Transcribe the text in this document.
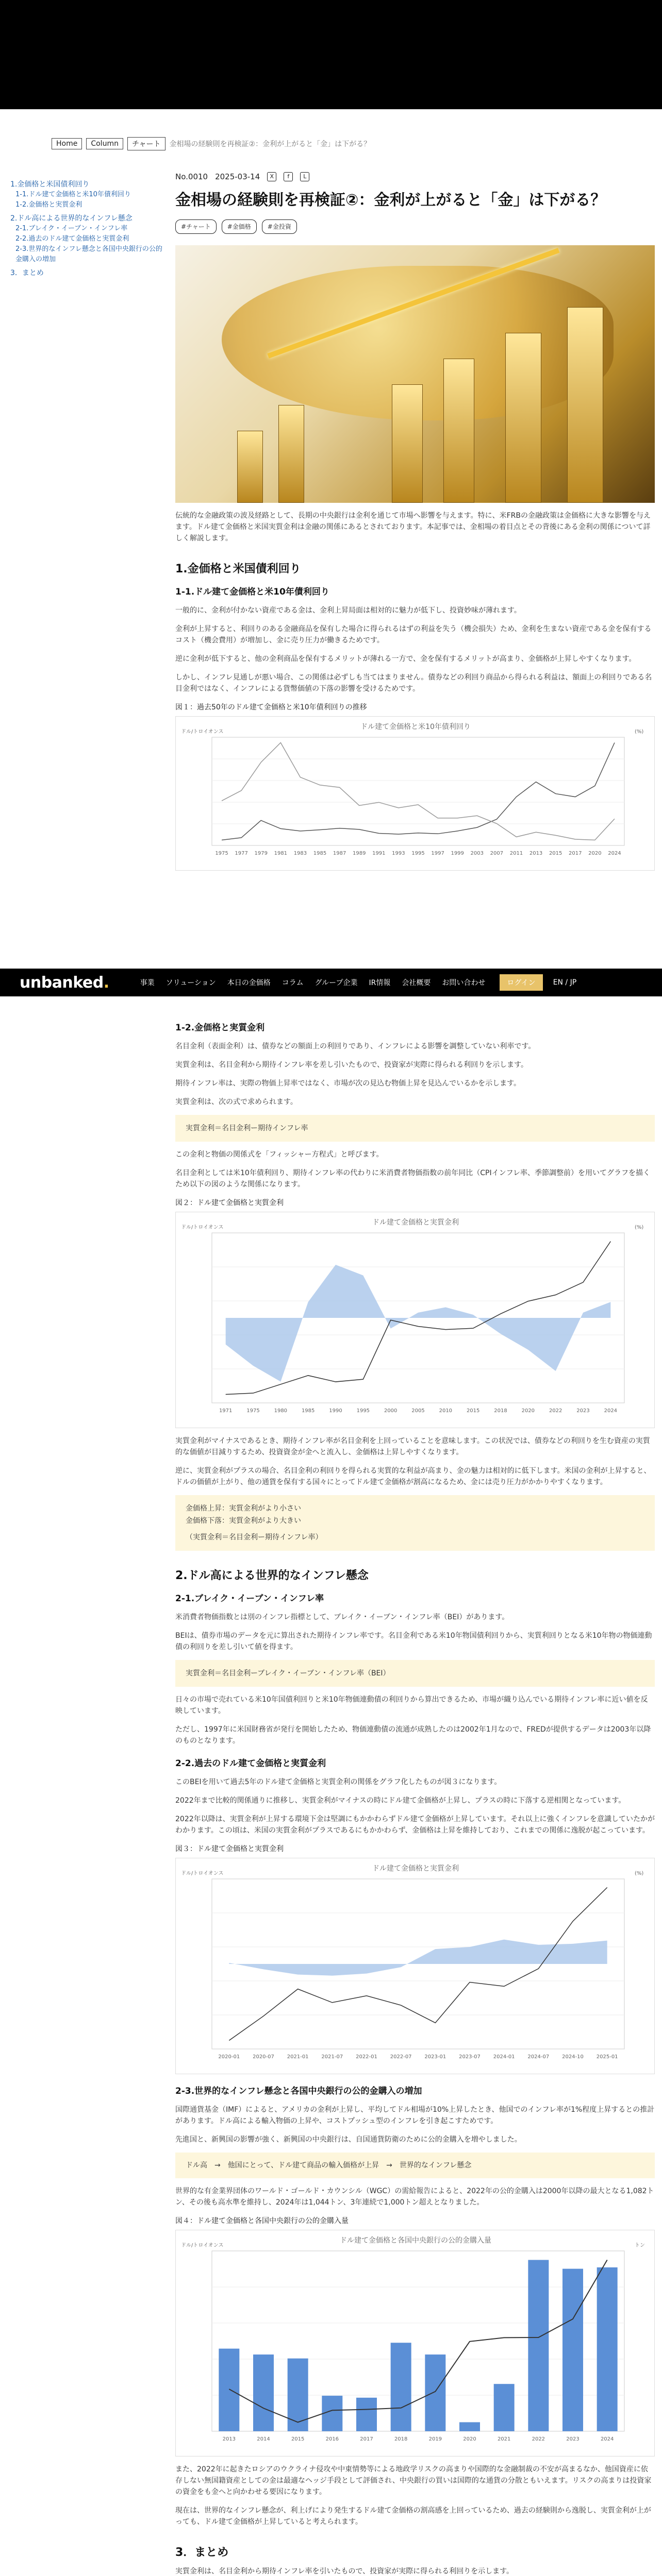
Home	Column	チャート	金相場の経験則を再検証②：金利が上がると「金」は下がる？
1.金価格と米国債利回り
1-1.ドル建て金価格と米10年債利回り
1-2.金価格と実質金利
2.ドル高による世界的なインフレ懸念
2-1.ブレイク・イーブン・インフレ率
2-2.過去のドル建て金価格と実質金利
2-3.世界的なインフレ懸念と各国中央銀行の公的金購入の増加
3．まとめ
No.0010 2025-03-14	X	f	L
金相場の経験則を再検証②：金利が上がると「金」は下がる？
#チャート	#金価格	#金投資

伝統的な金融政策の波及経路として、長期の中央銀行は金利を通じて市場へ影響を与えます。特に、米FRBの金融政策は金価格に大きな影響を与えます。ドル建て金価格と米国実質金利は金融の関係にあるとされております。本記事では、金相場の着目点とその背後にある金利の関係について詳しく解説します。

1.金価格と米国債利回り
1-1.ドル建て金価格と米10年債利回り

一般的に、金利が付かない資産である金は、金利上昇局面は相対的に魅力が低下し、投資妙味が薄れます。

金利が上昇すると、利回りのある金融商品を保有した場合に得られるはずの利益を失う（機会損失）ため、金利を生まない資産である金を保有するコスト（機会費用）が増加し、金に売り圧力が働きるためです。

逆に金利が低下すると、他の金利商品を保有するメリットが薄れる一方で、金を保有するメリットが高まり、金価格が上昇しやすくなります。

しかし、インフレ見通しが悪い場合、この関係は必ずしも当てはまりません。債券などの利回り商品から得られる利益は、額面上の利回りである名目金利ではなく、インフレによる貨幣価値の下落の影響を受けるためです。

図１：過去50年のドル建て金価格と米10年債利回りの推移

ドル建て金価格と米10年債利回り
ドル/トロイオンス	(%)
1975 1977 1979 1981 1983 1985 1987 1989 1991 1993 1995 1997 1999 2003 2007 2011 2013 2015 2017 2020 2024
unbanked.	事業 ソリューション 本日の金価格 コラム グループ企業 IR情報 会社概要 お問い合わせ	ログイン	EN / JP
1-2.金価格と実質金利

名目金利（表面金利）は、債券などの額面上の利回りであり、インフレによる影響を調整していない利率です。

実質金利は、名目金利から期待インフレ率を差し引いたもので、投資家が実際に得られる利回りを示します。

期待インフレ率は、実際の物価上昇率ではなく、市場が次の見込む物価上昇を見込んでいるかを示します。

実質金利は、次の式で求められます。

実質金利＝名目金利ー期待インフレ率

この金利と物価の関係式を「フィッシャー方程式」と呼びます。

名目金利としては米10年債利回り、期待インフレ率の代わりに米消費者物価指数の前年同比（CPIインフレ率、季節調整前）を用いてグラフを描くため以下の図のような関係になります。

図２：ドル建て金価格と実質金利

ドル建て金価格と実質金利
ドル/トロイオンス	(%)
1971	1975	1980	1985	1990	1995	2000	2005	2010	2015	2018	2020	2022	2023	2024

実質金利がマイナスであるとき、期待インフレ率が名目金利を上回っていることを意味します。この状況では、債券などの利回りを生む資産の実質的な価値が目減りするため、投資資金が金へと流入し、金価格は上昇しやすくなります。

逆に、実質金利がプラスの場合、名目金利の利回りを得られる実質的な利益が高まり、金の魅力は相対的に低下します。米国の金利が上昇すると、ドルの価値が上がり、他の通貨を保有する国々にとってドル建て金価格が割高になるため、金には売り圧力がかかりやすくなります。

金価格上昇：実質金利がより小さい
金価格下落：実質金利がより大きい
（実質金利＝名目金利ー期待インフレ率）
2.ドル高による世界的なインフレ懸念
2-1.ブレイク・イーブン・インフレ率

米消費者物価指数とは別のインフレ指標として、ブレイク・イーブン・インフレ率（BEI）があります。

BEIは、債券市場のデータを元に算出された期待インフレ率です。名目金利である米10年物国債利回りから、実質利回りとなる米10年物の物価連動債の利回りを差し引いて値を得ます。

実質金利＝名目金利ーブレイク・イーブン・インフレ率（BEI）

日々の市場で売れている米10年国債利回りと米10年物価連動債の利回りから算出できるため、市場が織り込んでいる期待インフレ率に近い値を反映しています。

ただし、1997年に米国財務省が発行を開始したため、物価連動債の流通が成熟したのは2002年1月なので、FREDが提供するデータは2003年以降のものとなります。

2-2.過去のドル建て金価格と実質金利

このBEIを用いて過去5年のドル建て金価格と実質金利の関係をグラフ化したものが図３になります。

2022年まで比較的関係通りに推移し、実質金利がマイナスの時にドル建て金価格が上昇し、プラスの時に下落する逆相関となっています。

2022年以降は、実質金利が上昇する環境下金は堅調にもかかわらずドル建て金価格が上昇しています。それ以上に強くインフレを意識していたかがわかります。この頃は、米国の実質金利がプラスであるにもかかわらず、金価格は上昇を維持しており、これまでの関係に逸脱が起こっています。

図３：ドル建て金価格と実質金利

ドル建て金価格と実質金利
ドル/トロイオンス	(%)
2020-01 2020-07 2021-01 2021-07 2022-01 2022-07 2023-01 2023-07 2024-01 2024-07 2024-10 2025-01
2-3.世界的なインフレ懸念と各国中央銀行の公的金購入の増加

国際通貨基金（IMF）によると、アメリカの金利が上昇し、平均してドル相場が10%上昇したとき、他国でのインフレ率が1%程度上昇するとの推計があります。ドル高による輸入物価の上昇や、コストプッシュ型のインフレを引き起こすためです。

先進国と、新興国の影響が強く、新興国の中央銀行は、自国通貨防衛のために公的金購入を増やしました。

ドル高　→　他国にとって、ドル建て商品の輸入価格が上昇　→　世界的なインフレ懸念

世界的な有金業界団体のワールド・ゴールド・カウンシル（WGC）の需給報告によると、2022年の公的金購入は2000年以降の最大となる1,082トン、その後も高水準を維持し、2024年は1,044トン、3年連続で1,000トン超えとなりました。

図４：ドル建て金価格と各国中央銀行の公的金購入量

ドル建て金価格と各国中央銀行の公的金購入量
ドル/トロイオンス	トン
2013	2014	2015	2016	2017	2018	2019	2020	2021	2022	2023	2024

また、2022年に起きたロシアのウクライナ侵攻や中東情勢等による地政学リスクの高まりや国際的な金融制裁の不安が高まるなか、他国資産に依存しない無国籍資産としての金は最適なヘッジ手段として評価され、中央銀行の買いは国際的な通貨の分散ともいえます。リスクの高まりは投資家の資金をも金へと向かわせる要因になります。

現在は、世界的なインフレ懸念が、利上げにより発生するドル建て金価格の割高感を上回っているため、過去の経験則から逸脱し、実質金利が上がっても、ドル建て金価格が上昇していると考えられます。

3．まとめ

実質金利は、名目金利から期待インフレ率を引いたもので、投資家が実際に得られる利回りを示します。
